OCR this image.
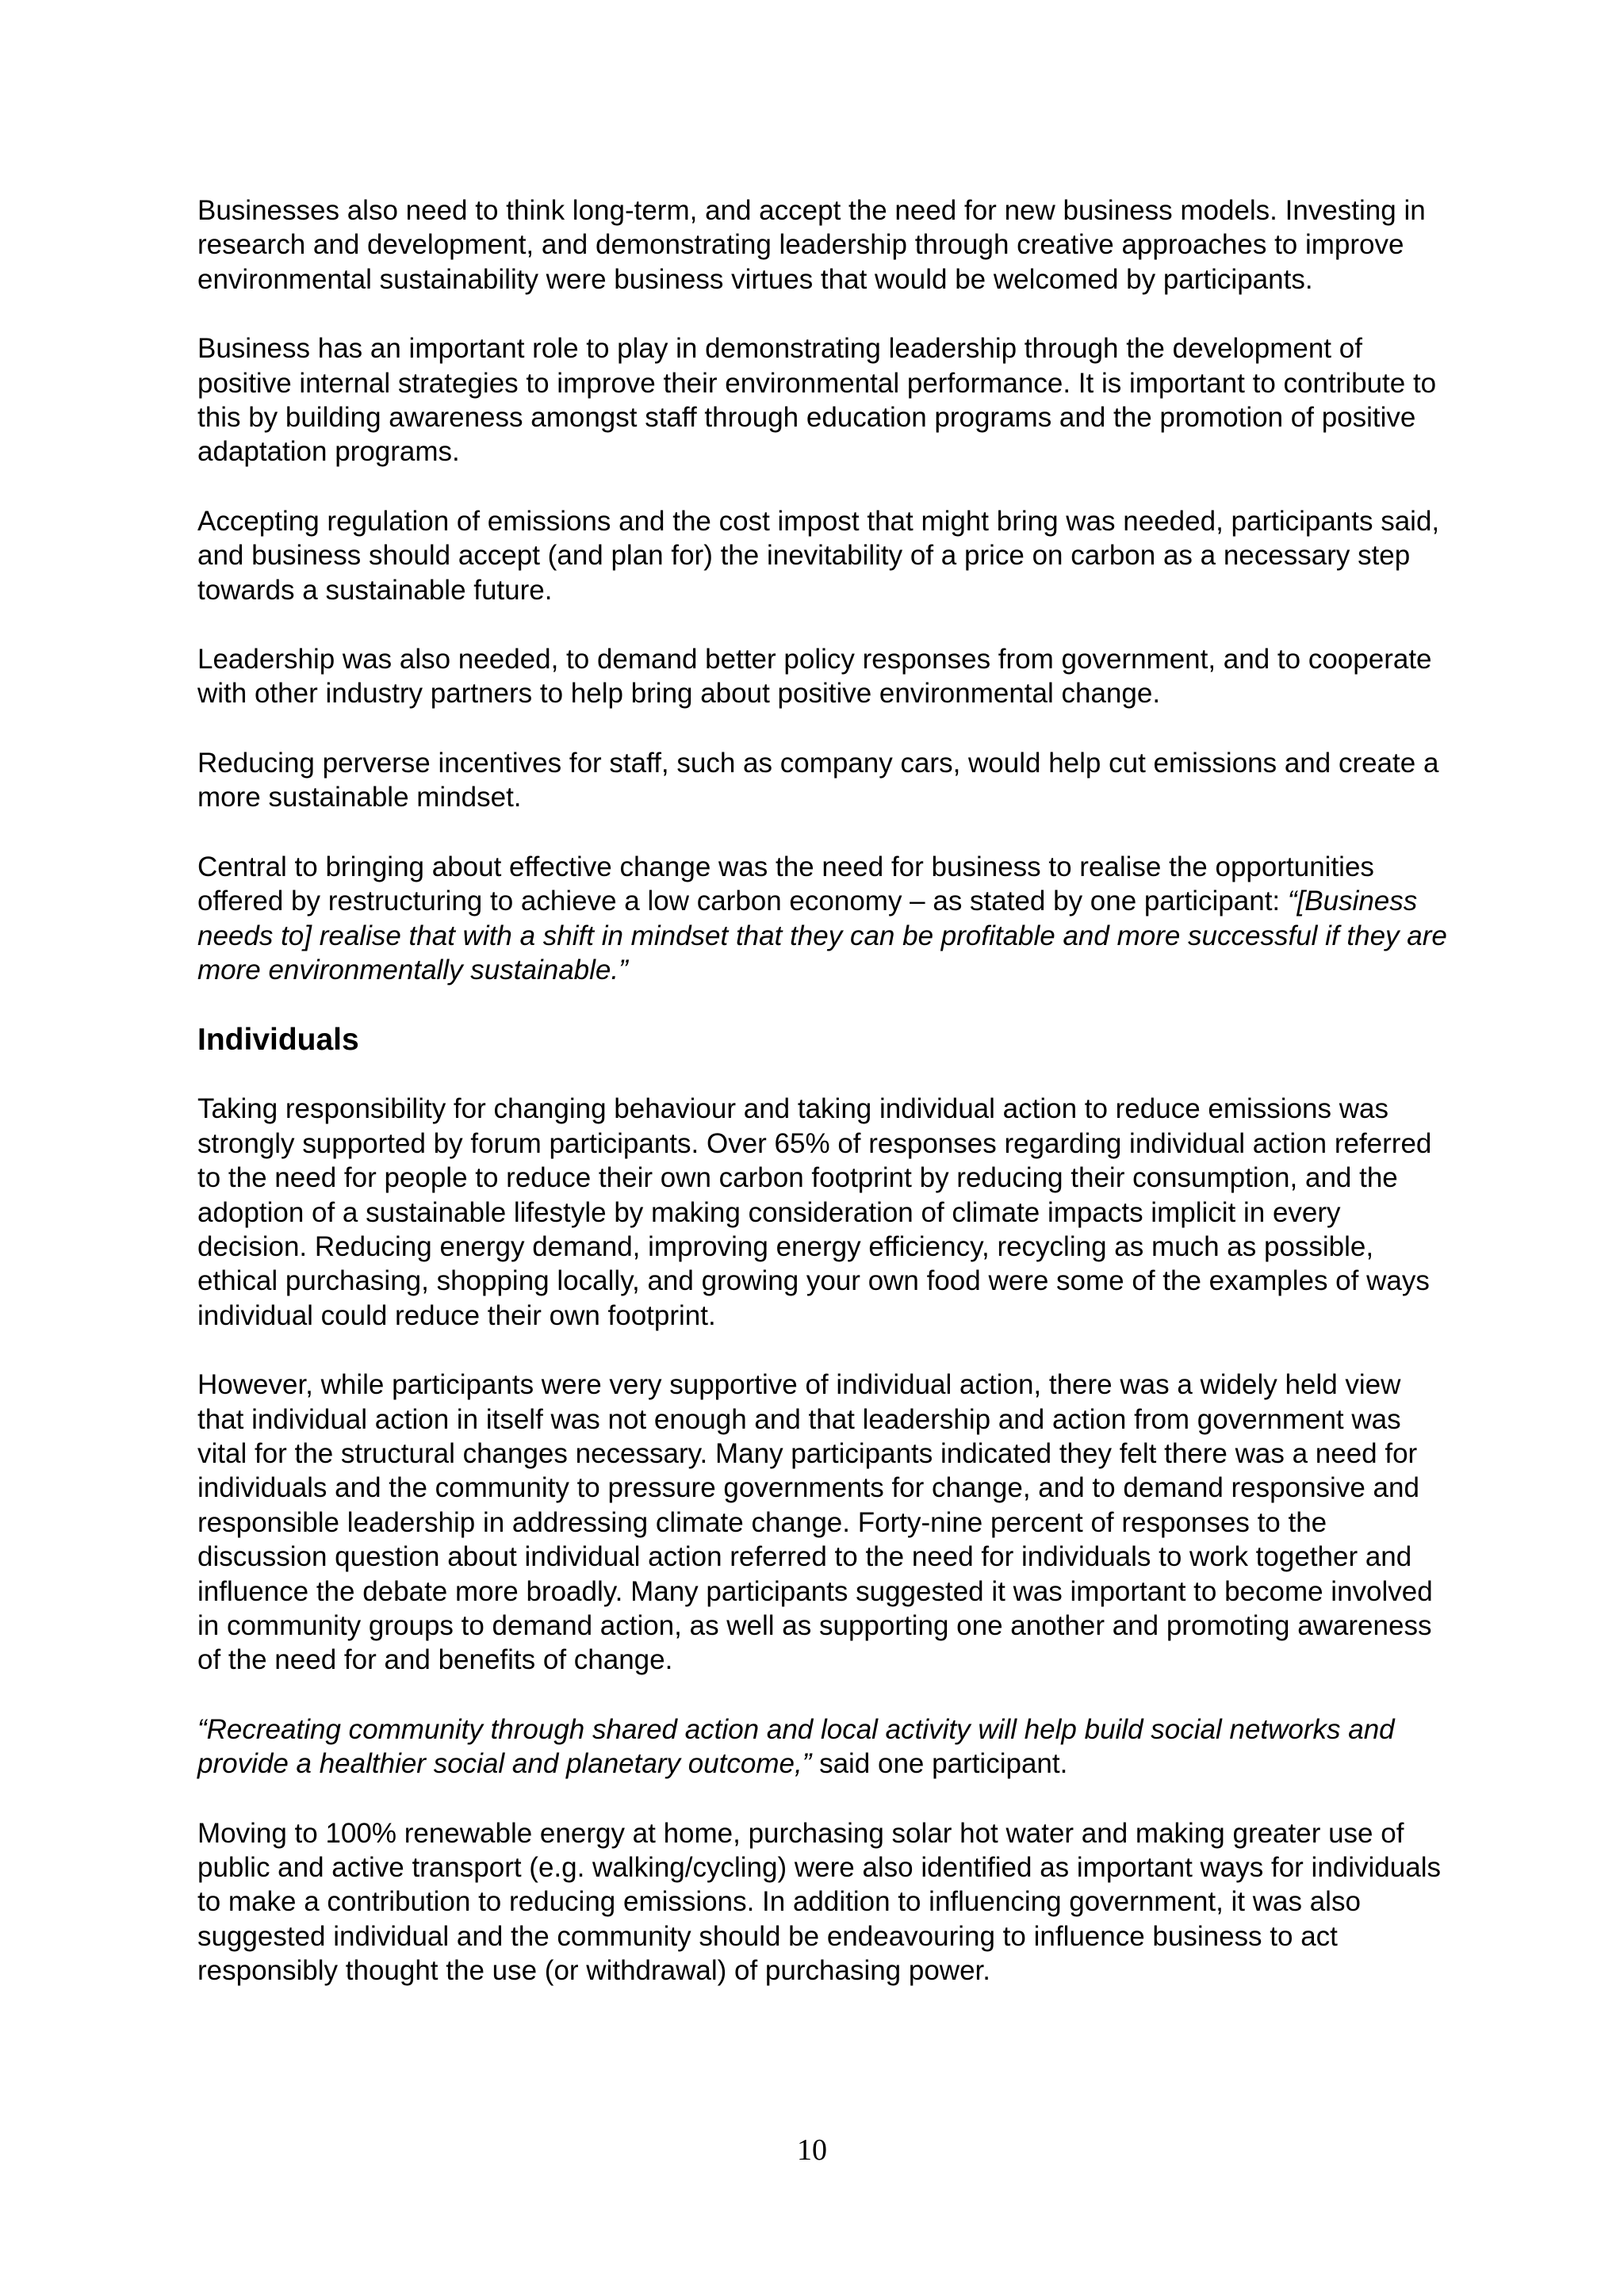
Businesses also need to think long-term, and accept the need for new business models. Investing in research and development, and demonstrating leadership through creative approaches to improve environmental sustainability were business virtues that would be welcomed by participants.

Business has an important role to play in demonstrating leadership through the development of positive internal strategies to improve their environmental performance. It is important to contribute to this by building awareness amongst staff through education programs and the promotion of positive adaptation programs.

Accepting regulation of emissions and the cost impost that might bring was needed, participants said, and business should accept (and plan for) the inevitability of a price on carbon as a necessary step towards a sustainable future.

Leadership was also needed, to demand better policy responses from government, and to cooperate with other industry partners to help bring about positive environmental change.

Reducing perverse incentives for staff, such as company cars, would help cut emissions and create a more sustainable mindset.

Central to bringing about effective change was the need for business to realise the opportunities offered by restructuring to achieve a low carbon economy – as stated by one participant: “[Business needs to] realise that with a shift in mindset that they can be profitable and more successful if they are more environmentally sustainable.”

Individuals

Taking responsibility for changing behaviour and taking individual action to reduce emissions was strongly supported by forum participants. Over 65% of responses regarding individual action referred to the need for people to reduce their own carbon footprint by reducing their consumption, and the adoption of a sustainable lifestyle by making consideration of climate impacts implicit in every decision. Reducing energy demand, improving energy efficiency, recycling as much as possible, ethical purchasing, shopping locally, and growing your own food were some of the examples of ways individual could reduce their own footprint.

However, while participants were very supportive of individual action, there was a widely held view that individual action in itself was not enough and that leadership and action from government was vital for the structural changes necessary. Many participants indicated they felt there was a need for individuals and the community to pressure governments for change, and to demand responsive and responsible leadership in addressing climate change. Forty-nine percent of responses to the discussion question about individual action referred to the need for individuals to work together and influence the debate more broadly. Many participants suggested it was important to become involved in community groups to demand action, as well as supporting one another and promoting awareness of the need for and benefits of change.

“Recreating community through shared action and local activity will help build social networks and provide a healthier social and planetary outcome,” said one participant.

Moving to 100% renewable energy at home, purchasing solar hot water and making greater use of public and active transport (e.g. walking/cycling) were also identified as important ways for individuals to make a contribution to reducing emissions. In addition to influencing government, it was also suggested individual and the community should be endeavouring to influence business to act responsibly thought the use (or withdrawal) of purchasing power.

10
